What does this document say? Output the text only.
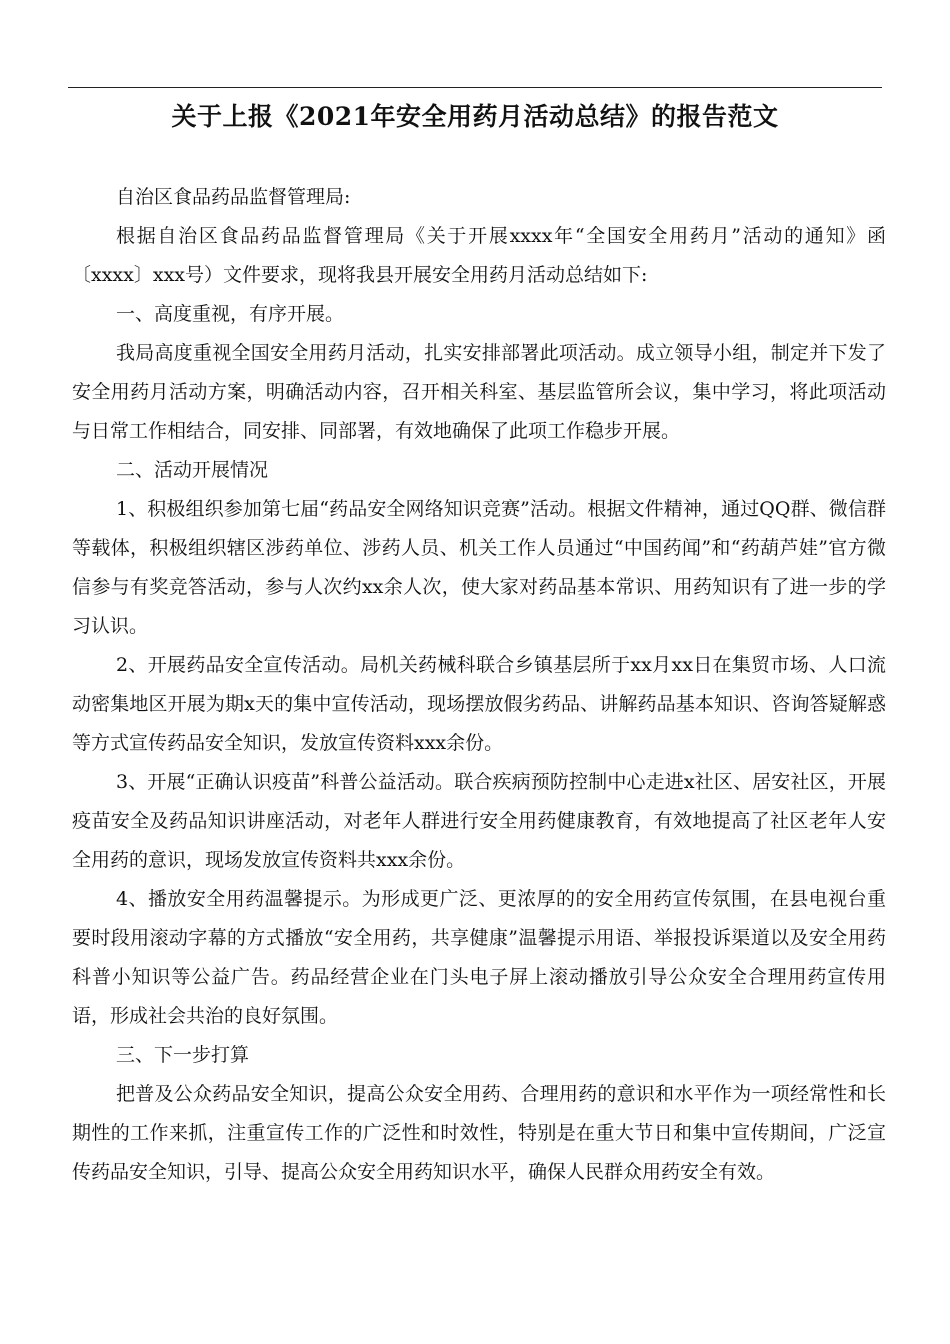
关于上报《2021年安全用药月活动总结》的报告范文

自治区食品药品监督管理局:

根据自治区食品药品监督管理局《关于开展xxxx年“全国安全用药月”活动的通知》函〔xxxx〕xxx号）文件要求，现将我县开展安全用药月活动总结如下:

一、高度重视，有序开展。

我局高度重视全国安全用药月活动，扎实安排部署此项活动。成立领导小组，制定并下发了安全用药月活动方案，明确活动内容，召开相关科室、基层监管所会议，集中学习，将此项活动与日常工作相结合，同安排、同部署，有效地确保了此项工作稳步开展。

二、活动开展情况

1、积极组织参加第七届“药品安全网络知识竞赛”活动。根据文件精神，通过QQ群、微信群等载体，积极组织辖区涉药单位、涉药人员、机关工作人员通过“中国药闻”和“药葫芦娃”官方微信参与有奖竞答活动，参与人次约xx余人次，使大家对药品基本常识、用药知识有了进一步的学习认识。

2、开展药品安全宣传活动。局机关药械科联合乡镇基层所于xx月xx日在集贸市场、人口流动密集地区开展为期x天的集中宣传活动，现场摆放假劣药品、讲解药品基本知识、咨询答疑解惑等方式宣传药品安全知识，发放宣传资料xxx余份。

3、开展“正确认识疫苗”科普公益活动。联合疾病预防控制中心走进x社区、居安社区，开展疫苗安全及药品知识讲座活动，对老年人群进行安全用药健康教育，有效地提高了社区老年人安全用药的意识，现场发放宣传资料共xxx余份。

4、播放安全用药温馨提示。为形成更广泛、更浓厚的的安全用药宣传氛围，在县电视台重要时段用滚动字幕的方式播放“安全用药，共享健康”温馨提示用语、举报投诉渠道以及安全用药科普小知识等公益广告。药品经营企业在门头电子屏上滚动播放引导公众安全合理用药宣传用语，形成社会共治的良好氛围。

三、下一步打算

把普及公众药品安全知识，提高公众安全用药、合理用药的意识和水平作为一项经常性和长期性的工作来抓，注重宣传工作的广泛性和时效性，特别是在重大节日和集中宣传期间，广泛宣传药品安全知识，引导、提高公众安全用药知识水平，确保人民群众用药安全有效。
